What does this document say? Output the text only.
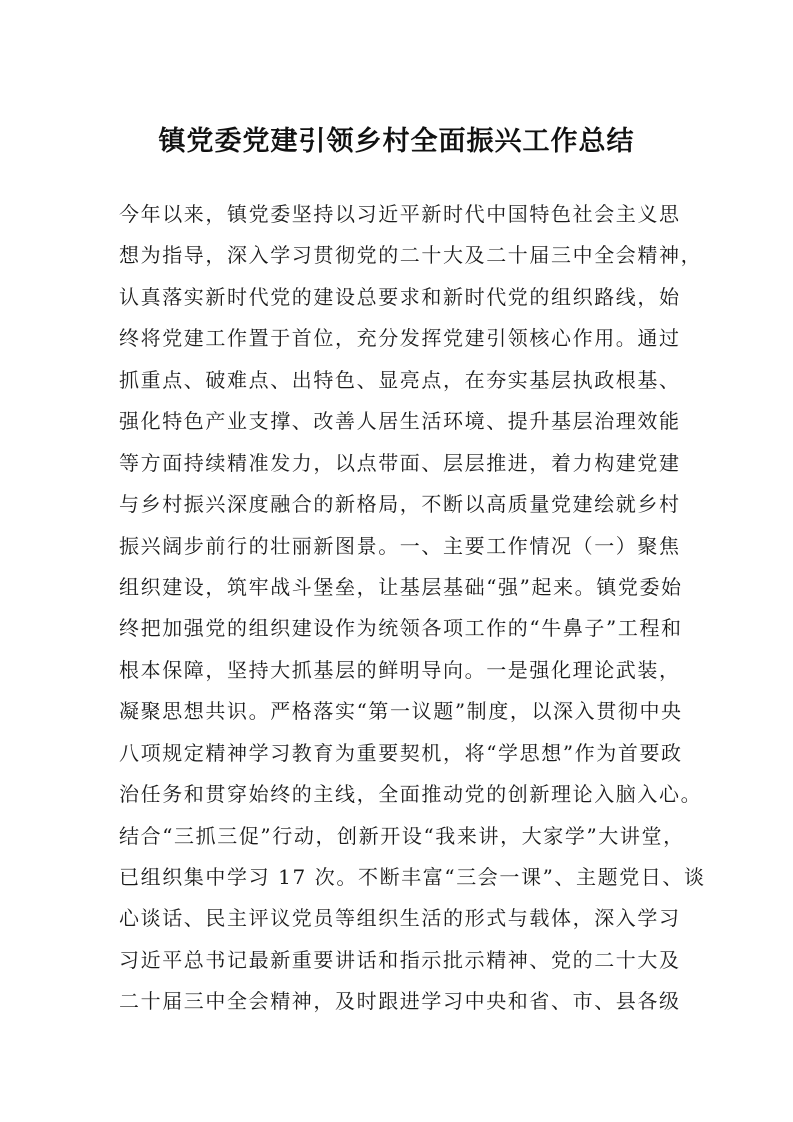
镇党委党建引领乡村全面振兴工作总结
今年以来，镇党委坚持以习近平新时代中国特色社会主义思
想为指导，深入学习贯彻党的二十大及二十届三中全会精神，
认真落实新时代党的建设总要求和新时代党的组织路线，始
终将党建工作置于首位，充分发挥党建引领核心作用。通过
抓重点、破难点、出特色、显亮点，在夯实基层执政根基、
强化特色产业支撑、改善人居生活环境、提升基层治理效能
等方面持续精准发力，以点带面、层层推进，着力构建党建
与乡村振兴深度融合的新格局，不断以高质量党建绘就乡村
振兴阔步前行的壮丽新图景。一、主要工作情况（一）聚焦
组织建设，筑牢战斗堡垒，让基层基础“强”起来。镇党委始
终把加强党的组织建设作为统领各项工作的“牛鼻子”工程和
根本保障，坚持大抓基层的鲜明导向。一是强化理论武装，
凝聚思想共识。严格落实“第一议题”制度，以深入贯彻中央
八项规定精神学习教育为重要契机，将“学思想”作为首要政
治任务和贯穿始终的主线，全面推动党的创新理论入脑入心。
结合“三抓三促”行动，创新开设“我来讲，大家学”大讲堂，
已组织集中学习 17 次。不断丰富“三会一课”、主题党日、谈
心谈话、民主评议党员等组织生活的形式与载体，深入学习
习近平总书记最新重要讲话和指示批示精神、党的二十大及
二十届三中全会精神，及时跟进学习中央和省、市、县各级
